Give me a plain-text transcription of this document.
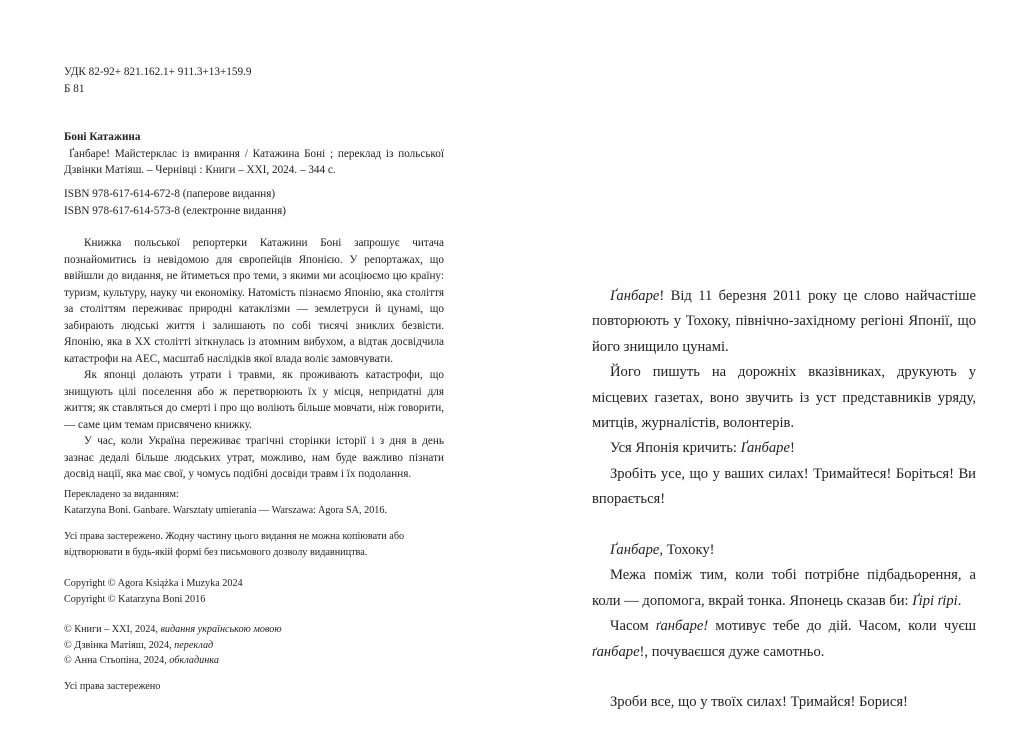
УДК 82-92+ 821.162.1+ 911.3+13+159.9

Б 81

Боні Катажина

Ґанбаре! Майстерклас із вмирання / Катажина Боні ; переклад із польської Дзвінки Матіяш. – Чернівці : Книги – XXI, 2024. – 344 с.

ISBN 978-617-614-672-8 (паперове видання)

ISBN 978-617-614-573-8 (електронне видання)

Книжка польської репортерки Катажини Боні запрошує читача познайомитись із невідомою для європейців Японією. У репортажах, що ввійшли до видання, не йтиметься про теми, з якими ми асоціюємо цю країну: туризм, культуру, науку чи економіку. Натомість пізнаємо Японію, яка століття за століттям переживає природні катаклізми — землетруси й цунамі, що забирають людські життя і залишають по собі тисячі зниклих безвісти. Японію, яка в XX столітті зіткнулась із атомним вибухом, а відтак досвідчила катастрофи на АЕС, масштаб наслідків якої влада воліє замовчувати.

Як японці долають утрати і травми, як проживають катастрофи, що знищують цілі поселення або ж перетворюють їх у місця, непридатні для життя; як ставляться до смерті і про що воліють більше мовчати, ніж говорити, — саме цим темам присвячено книжку.

У час, коли Україна переживає трагічні сторінки історії і з дня в день зазнає дедалі більше людських утрат, можливо, нам буде важливо пізнати досвід нації, яка має свої, у чомусь подібні досвіди травм і їх подолання.

Перекладено за виданням:

Katarzyna Boni. Ganbare. Warsztaty umierania — Warszawa: Agora SA, 2016.

Усі права застережено. Жодну частину цього видання не можна копіювати або відтворювати в будь-якій формі без письмового дозволу видавництва.

Copyright © Agora Książka i Muzyka 2024

Copyright © Katarzyna Boni 2016

© Книги – XXI, 2024, видання українською мовою

© Дзвінка Матіяш, 2024, переклад

© Анна Стьопіна, 2024, обкладинка

Усі права застережено

Ґанбаре! Від 11 березня 2011 року це слово найчастіше повторюють у Тохоку, північно-західному регіоні Японії, що його знищило цунамі.

Його пишуть на дорожніх вказівниках, друкують у місцевих газетах, воно звучить із уст представників уряду, митців, журналістів, волонтерів.

Уся Японія кричить: Ґанбаре!

Зробіть усе, що у ваших силах! Тримайтеся! Боріться! Ви впорається!

Ґанбаре, Тохоку!

Межа поміж тим, коли тобі потрібне підбадьорення, а коли — допомога, вкрай тонка. Японець сказав би: Ґірі ґірі.

Часом ґанбаре! мотивує тебе до дій. Часом, коли чуєш ґанбаре!, почуваєшся дуже самотньо.

Зроби все, що у твоїх силах! Тримайся! Борися!
